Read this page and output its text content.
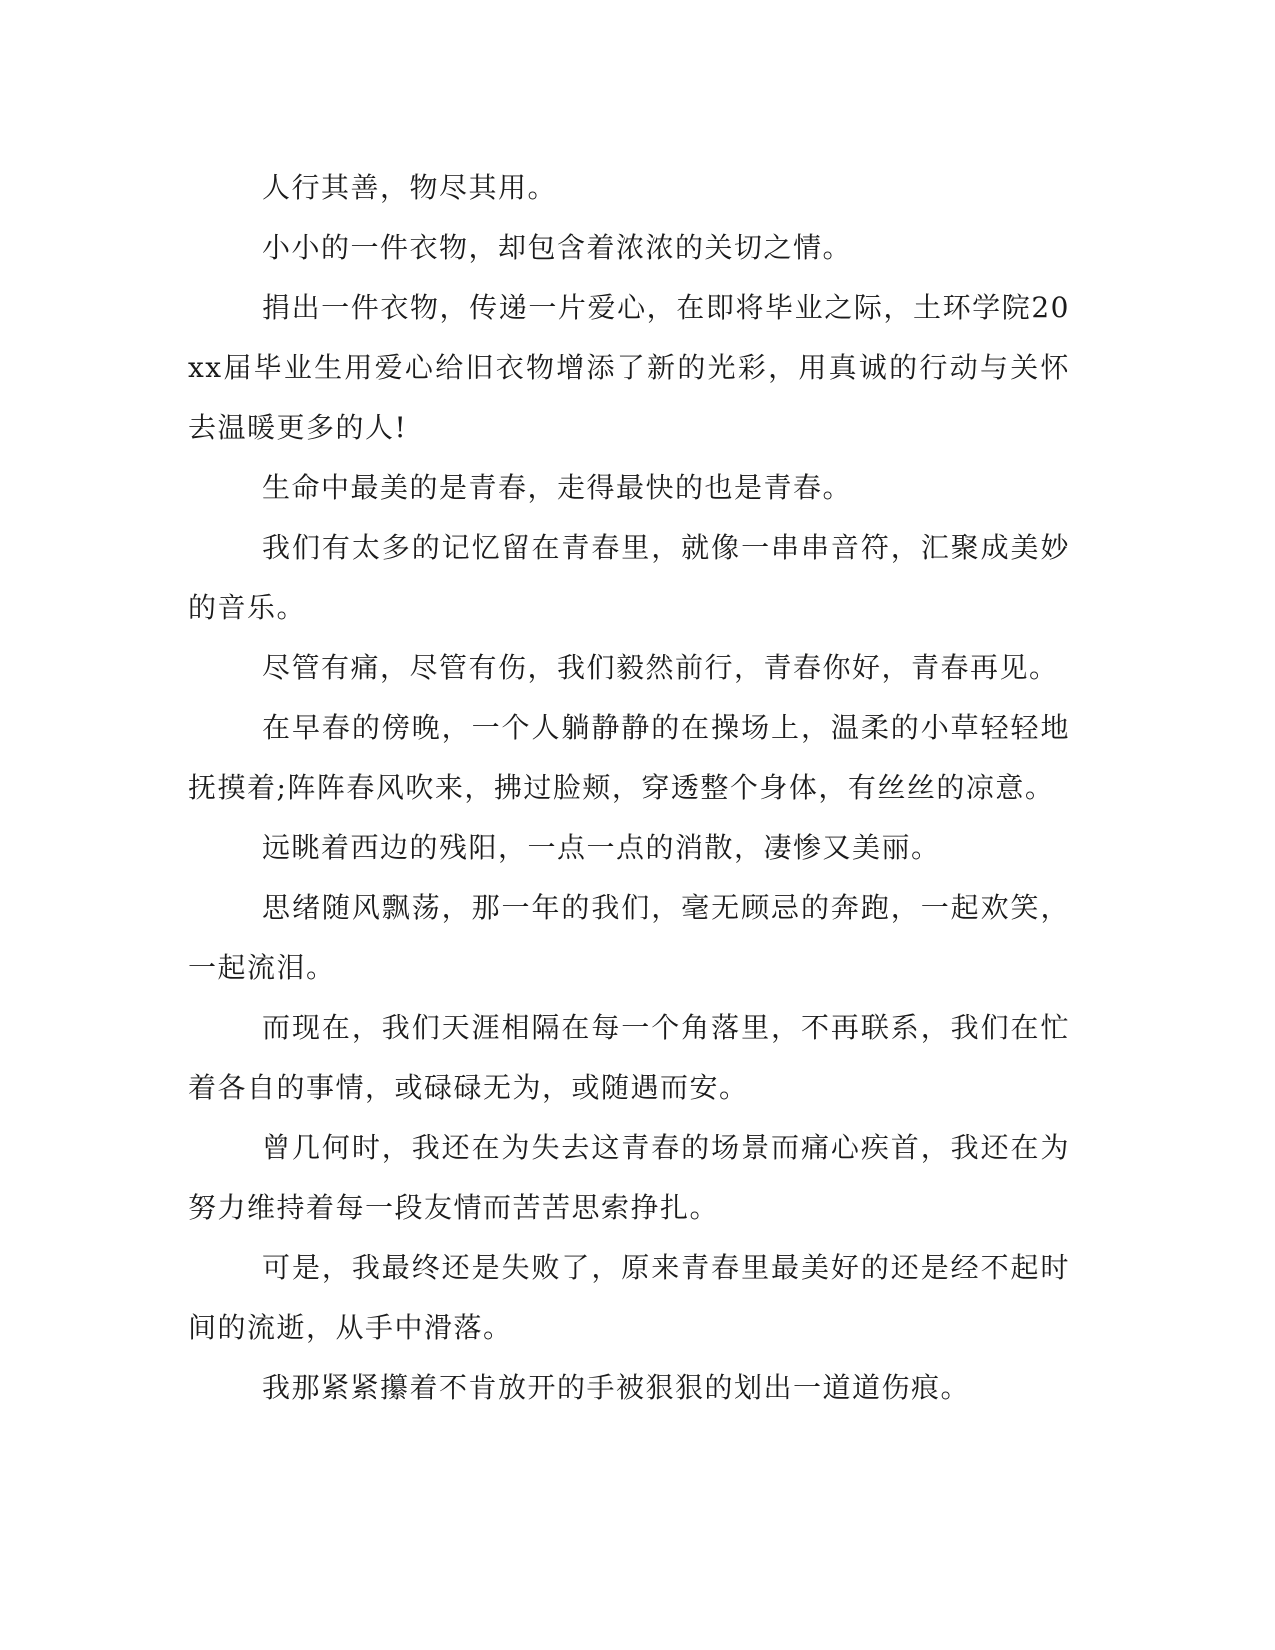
人行其善，物尽其用。

小小的一件衣物，却包含着浓浓的关切之情。

捐出一件衣物，传递一片爱心，在即将毕业之际，土环学院20xx届毕业生用爱心给旧衣物增添了新的光彩，用真诚的行动与关怀去温暖更多的人!

生命中最美的是青春，走得最快的也是青春。

我们有太多的记忆留在青春里，就像一串串音符，汇聚成美妙的音乐。

尽管有痛，尽管有伤，我们毅然前行，青春你好，青春再见。

在早春的傍晚，一个人躺静静的在操场上，温柔的小草轻轻地抚摸着;阵阵春风吹来，拂过脸颊，穿透整个身体，有丝丝的凉意。

远眺着西边的残阳，一点一点的消散，凄惨又美丽。

思绪随风飘荡，那一年的我们，毫无顾忌的奔跑，一起欢笑，一起流泪。

而现在，我们天涯相隔在每一个角落里，不再联系，我们在忙着各自的事情，或碌碌无为，或随遇而安。

曾几何时，我还在为失去这青春的场景而痛心疾首，我还在为努力维持着每一段友情而苦苦思索挣扎。

可是，我最终还是失败了，原来青春里最美好的还是经不起时间的流逝，从手中滑落。

我那紧紧攥着不肯放开的手被狠狠的划出一道道伤痕。
